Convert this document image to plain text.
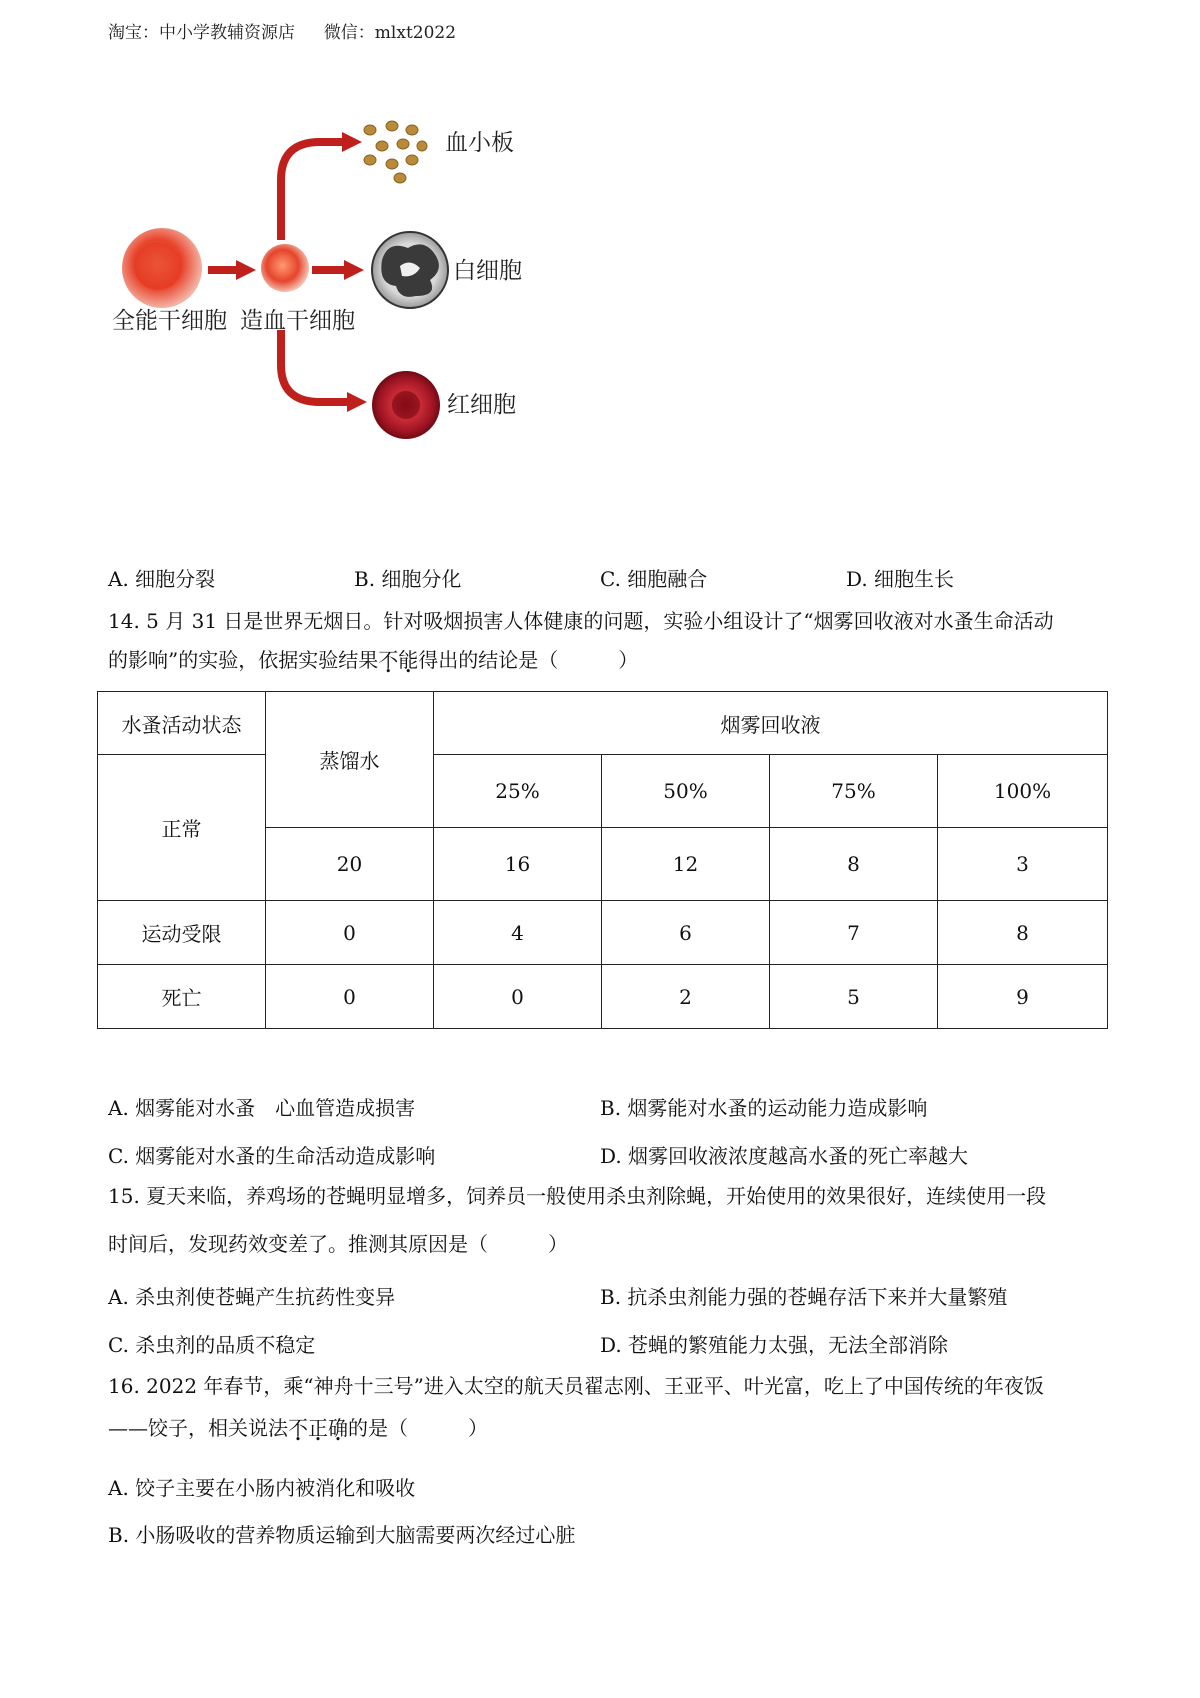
淘宝：中小学教辅资源店 微信：mlxt2022
全能干细胞 造血干细胞
血小板
白细胞
红细胞
A. 细胞分裂	B. 细胞分化	C. 细胞融合	D. 细胞生长
14. 5 月 31 日是世界无烟日。针对吸烟损害人体健康的问题，实验小组设计了“烟雾回收液对水蚤生命活动
的影响”的实验，依据实验结果不能得出的结论是（　　　）
水蚤活动状态	蒸馏水	烟雾回收液			
正常		25%	50%	75%	100%
	20	16	12	8	3
运动受限	0	4	6	7	8
死亡	0	0	2	5	9
A. 烟雾能对水蚤　心血管造成损害	B. 烟雾能对水蚤的运动能力造成影响
C. 烟雾能对水蚤的生命活动造成影响	D. 烟雾回收液浓度越高水蚤的死亡率越大
15. 夏天来临，养鸡场的苍蝇明显增多，饲养员一般使用杀虫剂除蝇，开始使用的效果很好，连续使用一段
时间后，发现药效变差了。推测其原因是（　　　）
A. 杀虫剂使苍蝇产生抗药性变异	B. 抗杀虫剂能力强的苍蝇存活下来并大量繁殖
C. 杀虫剂的品质不稳定	D. 苍蝇的繁殖能力太强，无法全部消除
16. 2022 年春节，乘“神舟十三号”进入太空的航天员翟志刚、王亚平、叶光富，吃上了中国传统的年夜饭
——饺子，相关说法不正确的是（　　　）
A. 饺子主要在小肠内被消化和吸收
B. 小肠吸收的营养物质运输到大脑需要两次经过心脏
